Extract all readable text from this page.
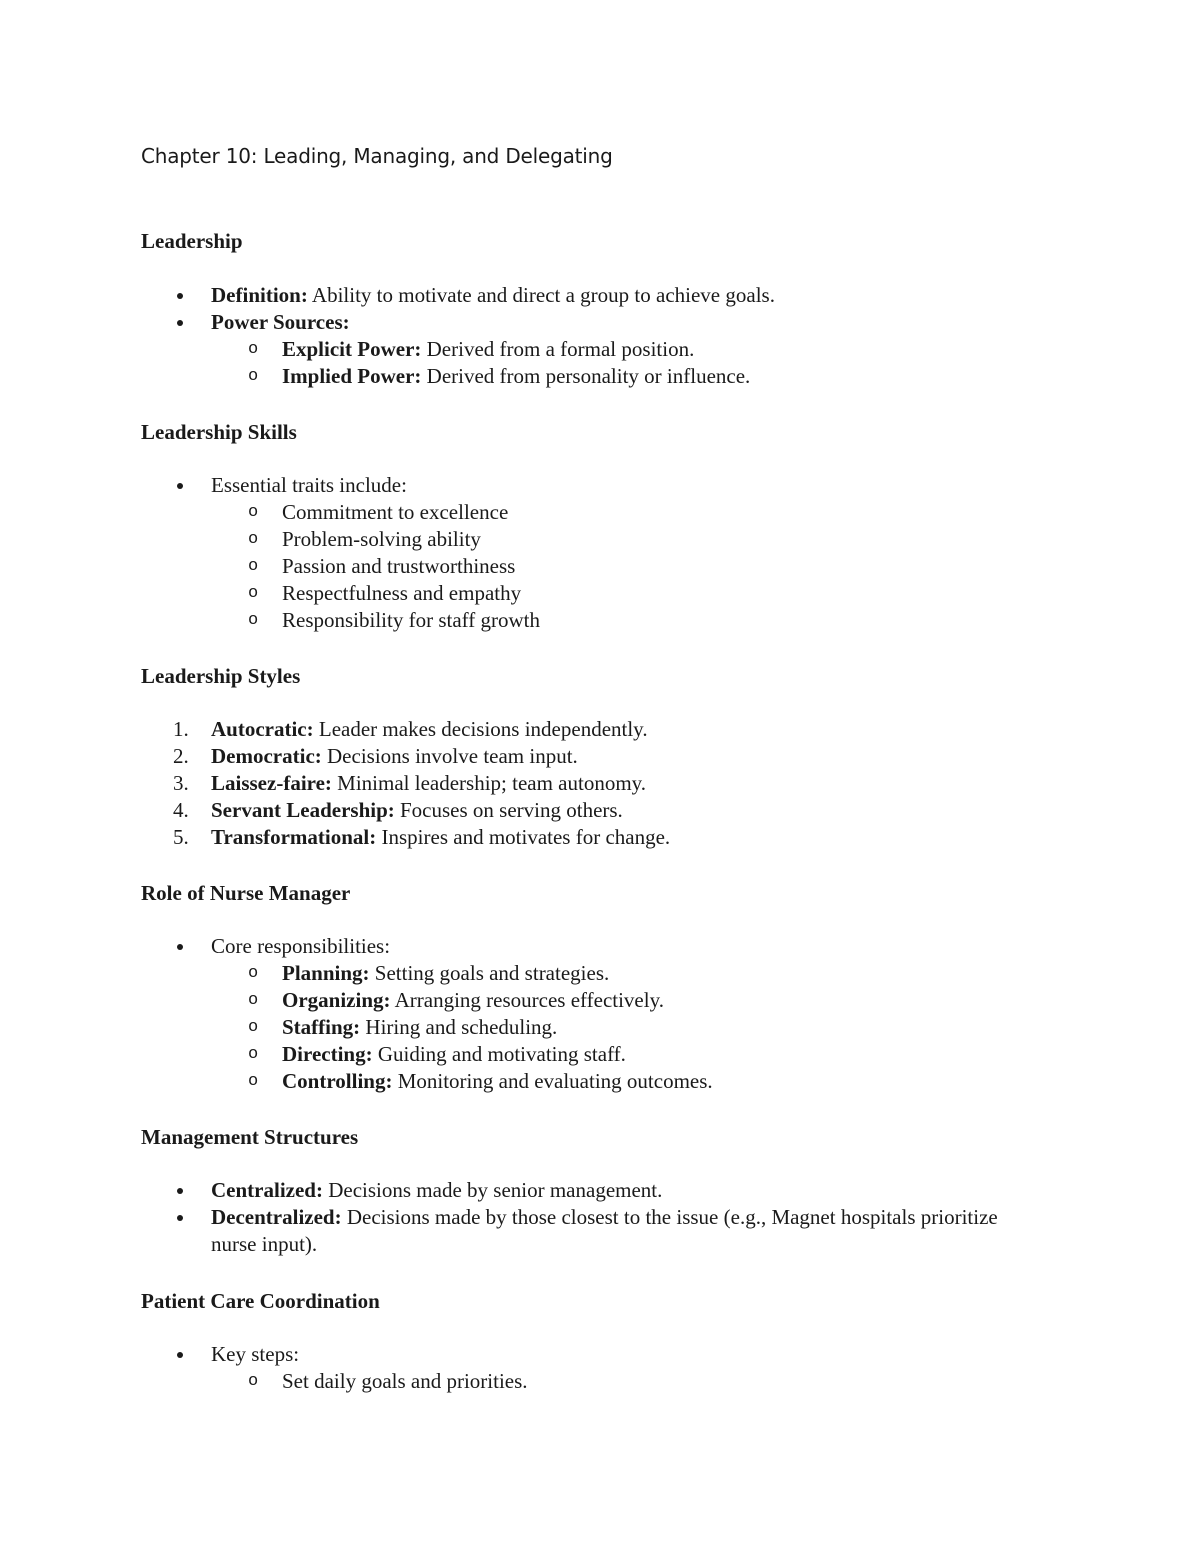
Chapter 10: Leading, Managing, and Delegating
Leadership
Definition: Ability to motivate and direct a group to achieve goals.
Power Sources:
o Explicit Power: Derived from a formal position.
o Implied Power: Derived from personality or influence.
Leadership Skills
Essential traits include:
o Commitment to excellence
o Problem-solving ability
o Passion and trustworthiness
o Respectfulness and empathy
o Responsibility for staff growth
Leadership Styles
1.	Autocratic: Leader makes decisions independently.
2.	Democratic: Decisions involve team input.
3.	Laissez-faire: Minimal leadership; team autonomy.
4.	Servant Leadership: Focuses on serving others.
5.	Transformational: Inspires and motivates for change.
Role of Nurse Manager
Core responsibilities:
o Planning: Setting goals and strategies.
o Organizing: Arranging resources effectively.
o Staffing: Hiring and scheduling.
o Directing: Guiding and motivating staff.
o Controlling: Monitoring and evaluating outcomes.
Management Structures
Centralized: Decisions made by senior management.
Decentralized: Decisions made by those closest to the issue (e.g., Magnet hospitals prioritize nurse input).
Patient Care Coordination
Key steps:
o Set daily goals and priorities.
